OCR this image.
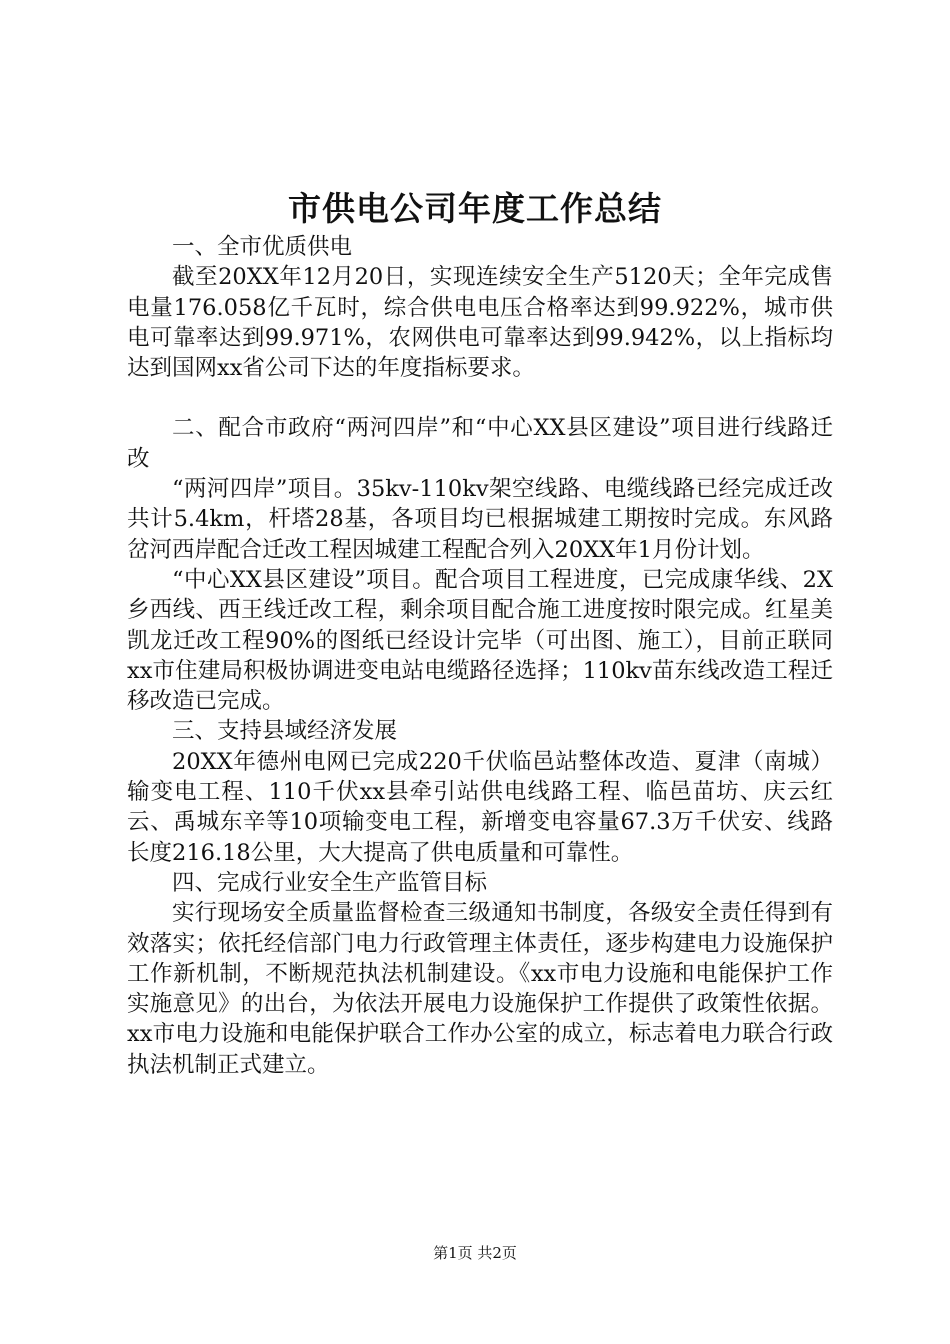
市供电公司年度工作总结

一、全市优质供电

截至20XX年12月20日，实现连续安全生产5120天；全年完成售电量176.058亿千瓦时，综合供电电压合格率达到99.922%，城市供电可靠率达到99.971%，农网供电可靠率达到99.942%，以上指标均达到国网xx省公司下达的年度指标要求。

二、配合市政府“两河四岸”和“中心XX县区建设”项目进行线路迁改

“两河四岸”项目。35kv-110kv架空线路、电缆线路已经完成迁改共计5.4km，杆塔28基，各项目均已根据城建工期按时完成。东风路岔河西岸配合迁改工程因城建工程配合列入20XX年1月份计划。

“中心XX县区建设”项目。配合项目工程进度，已完成康华线、2X乡西线、西王线迁改工程，剩余项目配合施工进度按时限完成。红星美凯龙迁改工程90%的图纸已经设计完毕（可出图、施工），目前正联同xx市住建局积极协调进变电站电缆路径选择；110kv苗东线改造工程迁移改造已完成。

三、支持县域经济发展

20XX年德州电网已完成220千伏临邑站整体改造、夏津（南城）输变电工程、110千伏xx县牵引站供电线路工程、临邑苗坊、庆云红云、禹城东辛等10项输变电工程，新增变电容量67.3万千伏安、线路长度216.18公里，大大提高了供电质量和可靠性。

四、完成行业安全生产监管目标

实行现场安全质量监督检查三级通知书制度，各级安全责任得到有效落实；依托经信部门电力行政管理主体责任，逐步构建电力设施保护工作新机制，不断规范执法机制建设。《xx市电力设施和电能保护工作实施意见》的出台，为依法开展电力设施保护工作提供了政策性依据。xx市电力设施和电能保护联合工作办公室的成立，标志着电力联合行政执法机制正式建立。

第1页 共2页
